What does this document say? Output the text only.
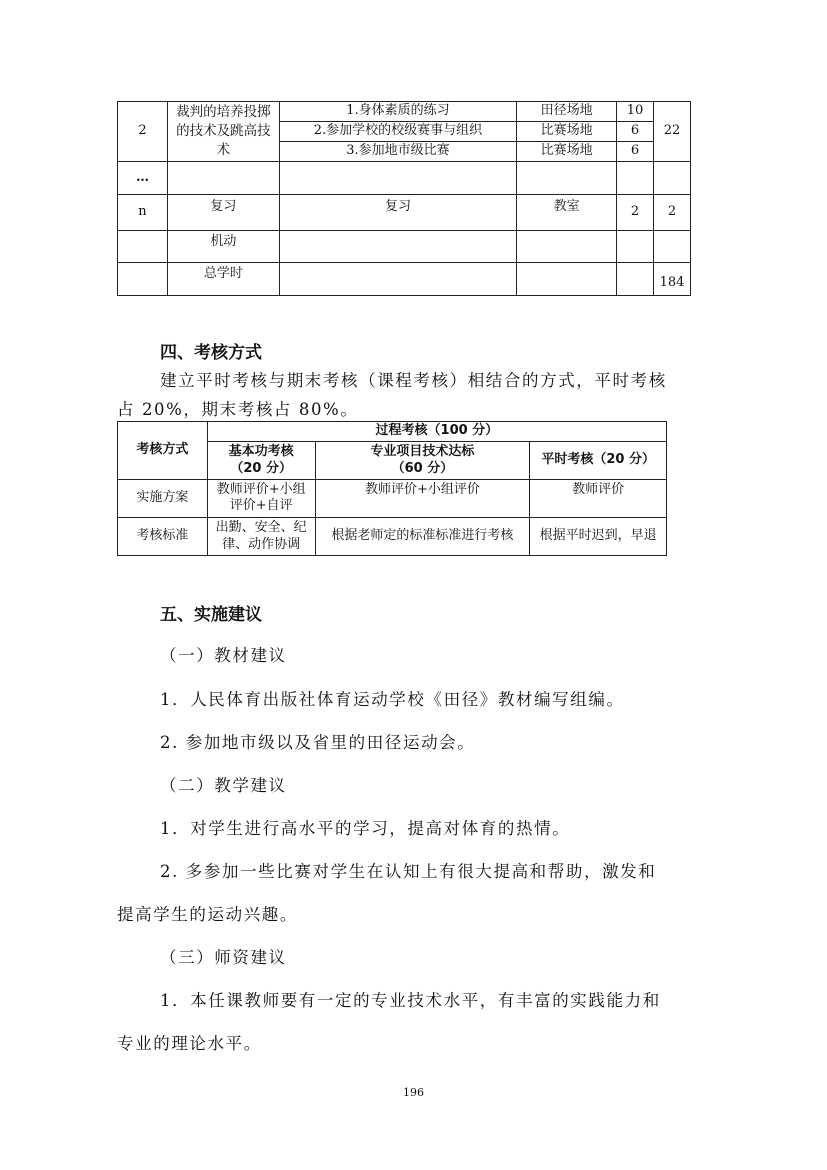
2	裁判的培养投掷的技术及跳高技术	1.身体素质的练习	田径场地	10	22
		2.参加学校的校级赛事与组织	比赛场地	6	
		3.参加地市级比赛	比赛场地	6	
…					
n	复习	复习	教室	2	2
	机动				
	总学时				184
四、考核方式
建立平时考核与期末考核（课程考核）相结合的方式，平时考核
占 20%，期末考核占 80%。
考核方式	过程考核（100 分）		
	基本功考核（20 分）	专业项目技术达标（60 分）	平时考核（20 分）
实施方案	教师评价+小组评价+自评	教师评价+小组评价	教师评价
考核标准	出勤、安全、纪律、动作协调	根据老师定的标准标准进行考核	根据平时迟到，早退
五、实施建议
（一）教材建议
1．人民体育出版社体育运动学校《田径》教材编写组编。
2. 参加地市级以及省里的田径运动会。
（二）教学建议
1．对学生进行高水平的学习，提高对体育的热情。
2. 多参加一些比赛对学生在认知上有很大提高和帮助，激发和
提高学生的运动兴趣。
（三）师资建议
1．本任课教师要有一定的专业技术水平，有丰富的实践能力和
专业的理论水平。
196
